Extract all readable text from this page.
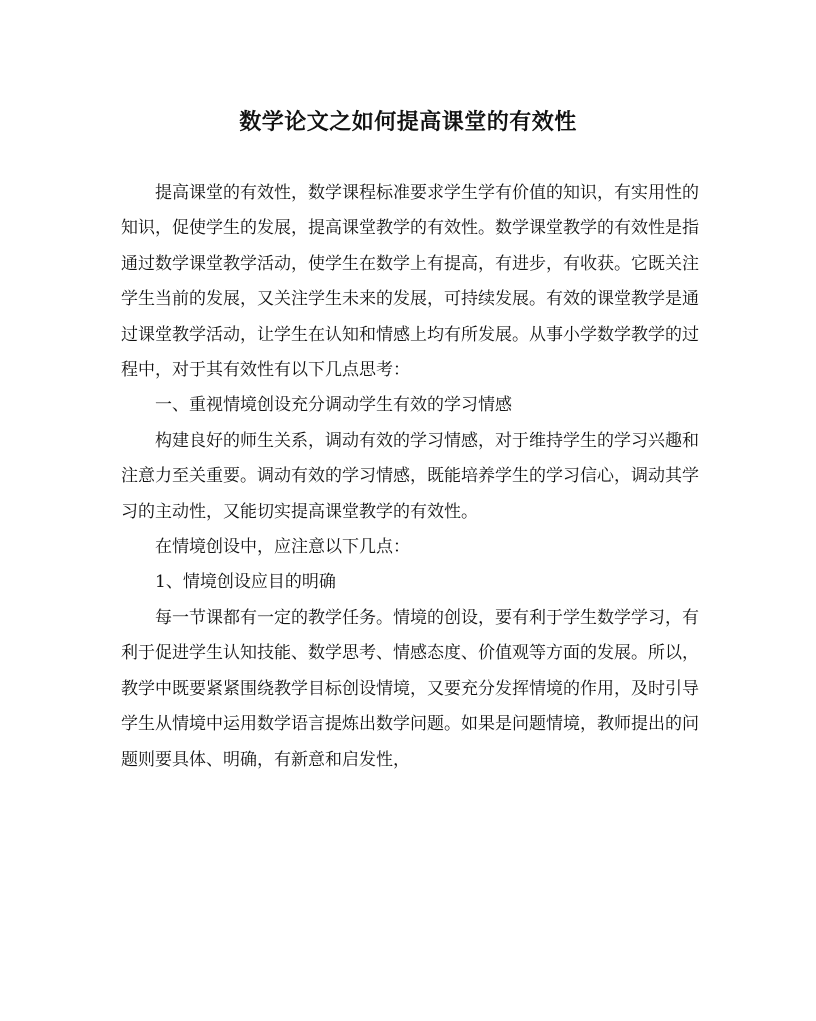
数学论文之如何提高课堂的有效性

提高课堂的有效性，数学课程标准要求学生学有价值的知识，有实用性的知识，促使学生的发展，提高课堂教学的有效性。数学课堂教学的有效性是指通过数学课堂教学活动，使学生在数学上有提高，有进步，有收获。它既关注学生当前的发展，又关注学生未来的发展，可持续发展。有效的课堂教学是通过课堂教学活动，让学生在认知和情感上均有所发展。从事小学数学教学的过程中，对于其有效性有以下几点思考：

一、重视情境创设充分调动学生有效的学习情感

构建良好的师生关系，调动有效的学习情感，对于维持学生的学习兴趣和注意力至关重要。调动有效的学习情感，既能培养学生的学习信心，调动其学习的主动性，又能切实提高课堂教学的有效性。

在情境创设中，应注意以下几点：

1、情境创设应目的明确

每一节课都有一定的教学任务。情境的创设，要有利于学生数学学习，有利于促进学生认知技能、数学思考、情感态度、价值观等方面的发展。所以，教学中既要紧紧围绕教学目标创设情境，又要充分发挥情境的作用，及时引导学生从情境中运用数学语言提炼出数学问题。如果是问题情境，教师提出的问题则要具体、明确，有新意和启发性，
